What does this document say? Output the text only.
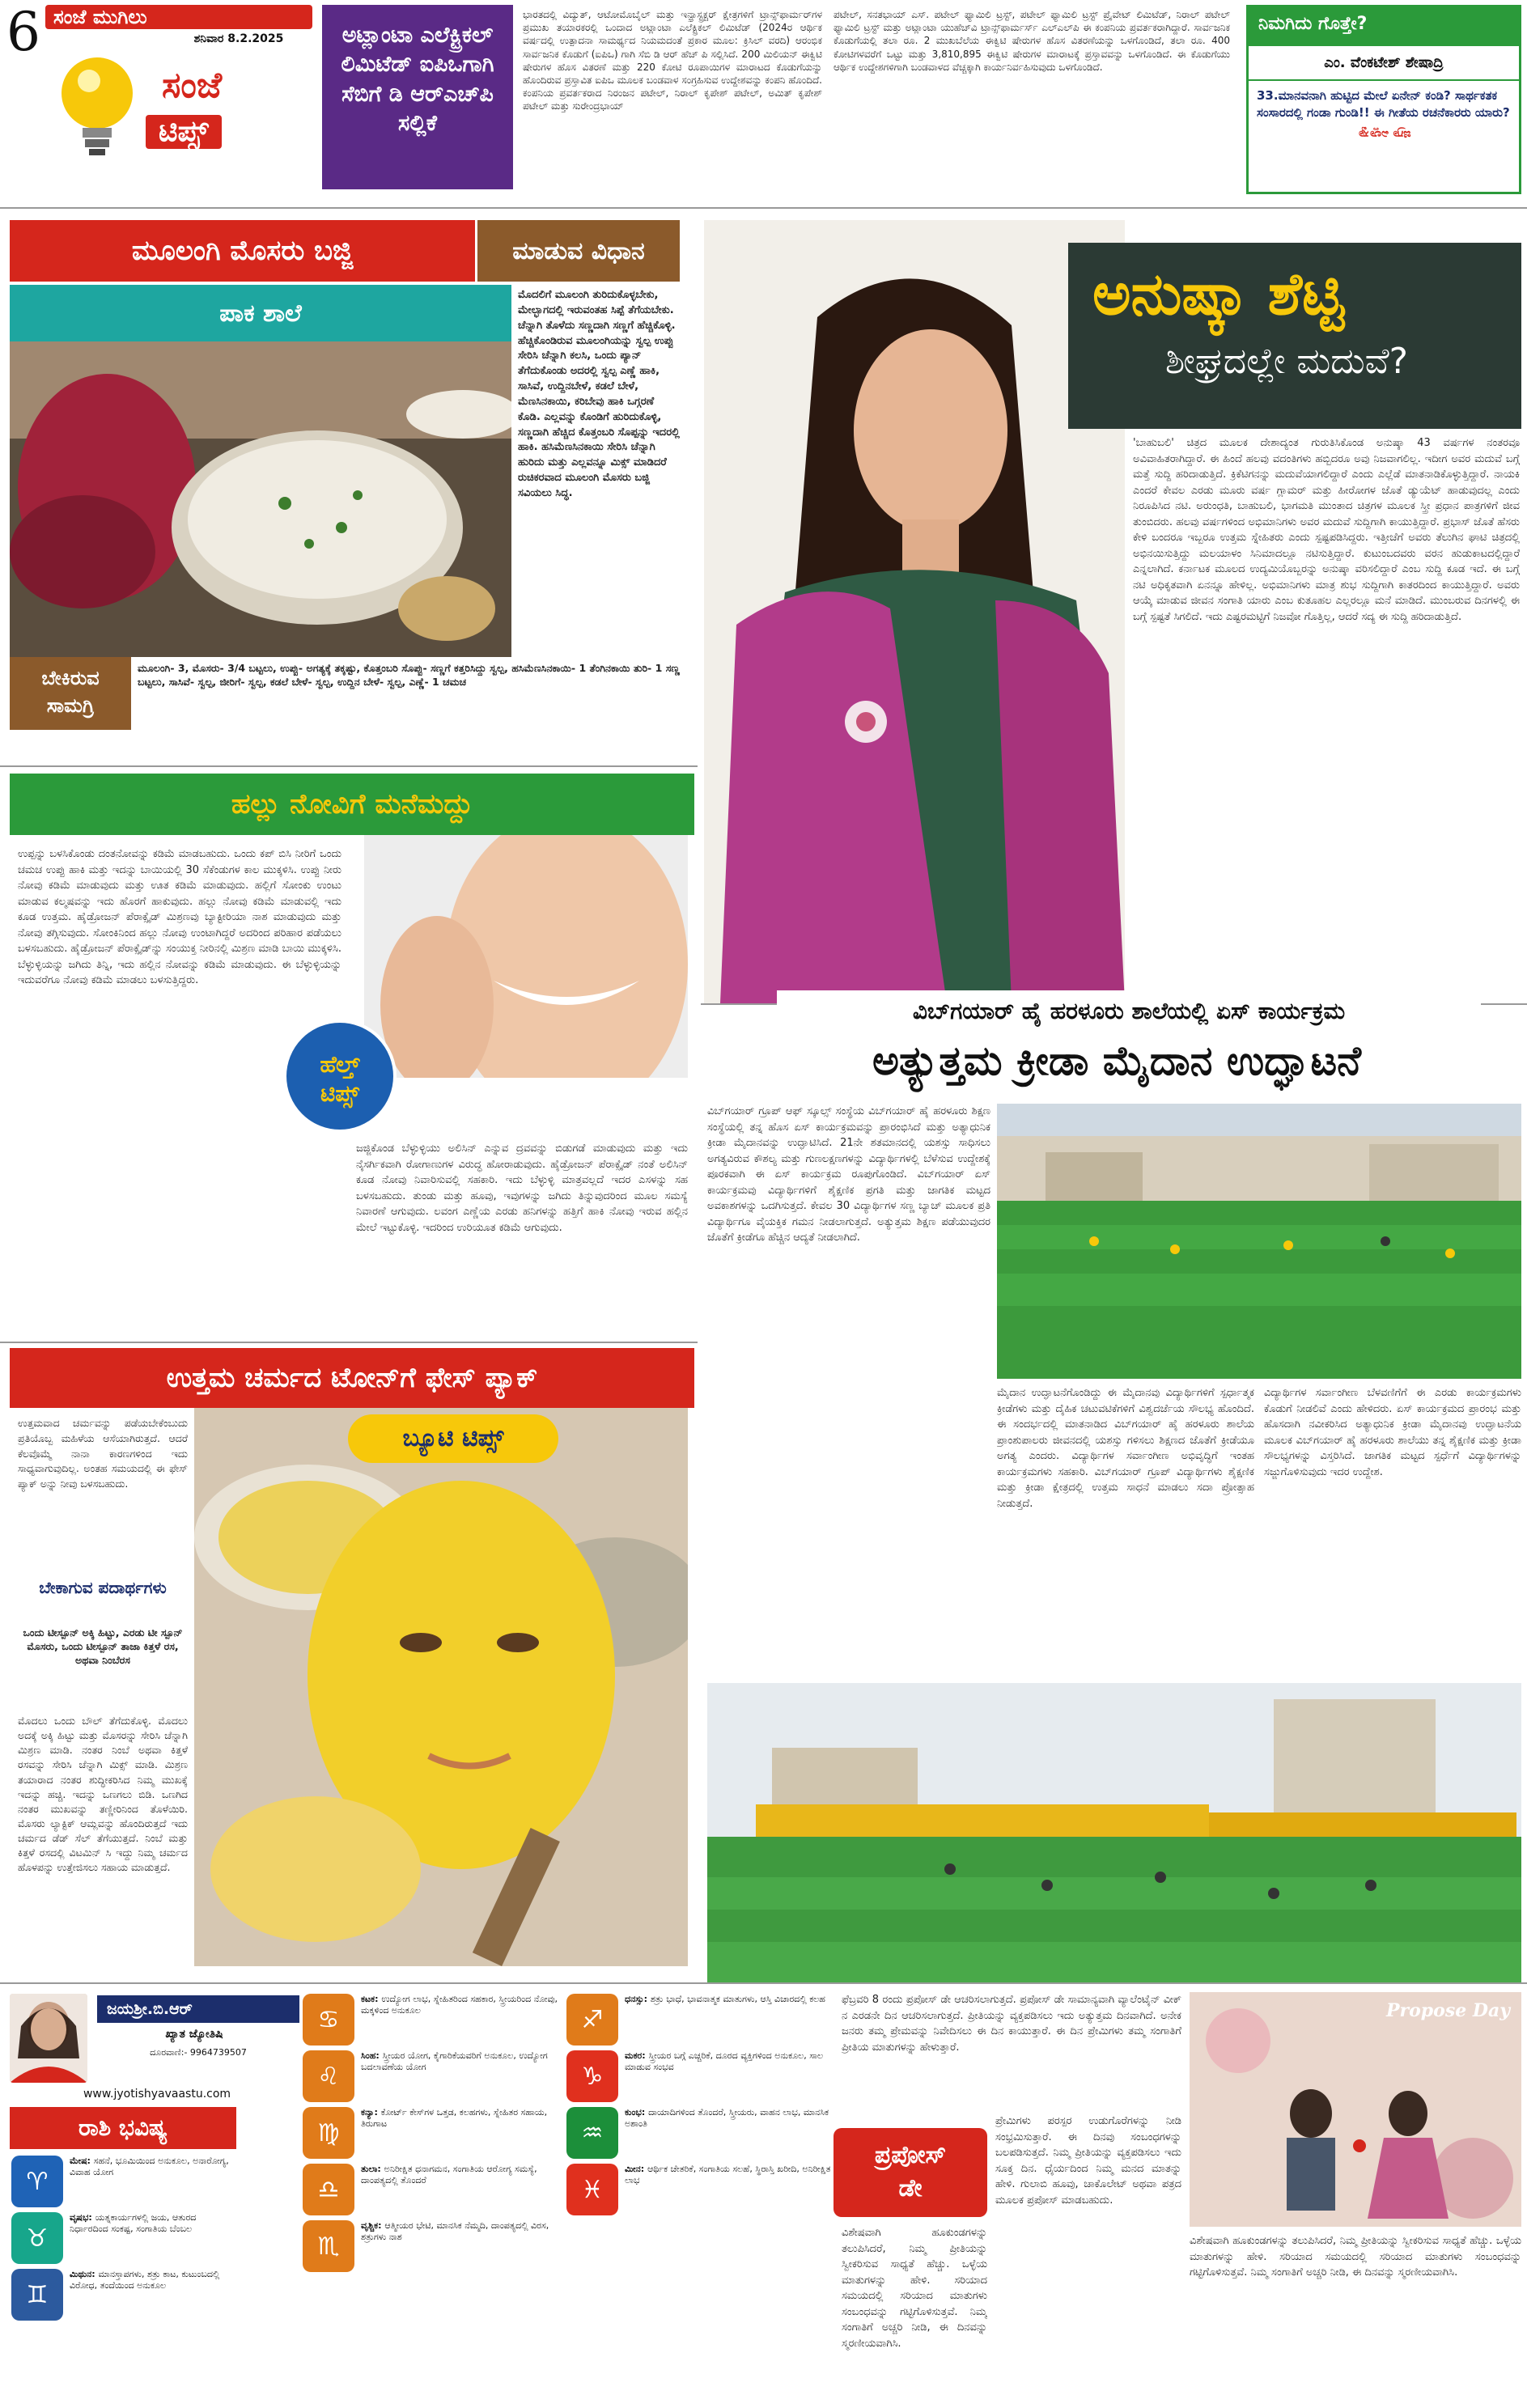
6 ಸಂಜೆ ಮುಗಿಲು
ಶನಿವಾರ 8.2.2025
ಸಂಜೆ
ಟಿಪ್ಸ್
ಅಟ್ಲಾಂಟಾ ಎಲೆಕ್ಟ್ರಿಕಲ್ ಲಿಮಿಟೆಡ್ ಐಪಿಒಗಾಗಿ ಸೆಬಿಗೆ ಡಿ ಆರ್‌ಎಚ್‌ಪಿ ಸಲ್ಲಿಕೆ
ಭಾರತದಲ್ಲಿ ವಿದ್ಯುತ್, ಆಟೋಮೊಬೈಲ್ ಮತ್ತು ಇನ್ಫ್ರಾಸ್ಟ್ರಕ್ಚರ್ ಕ್ಷೇತ್ರಗಳಿಗೆ ಟ್ರಾನ್ಸ್‌ಫಾರ್ಮರ್‌ಗಳ ಪ್ರಮುಖ ತಯಾರಕರಲ್ಲಿ ಒಂದಾದ ಅಟ್ಲಾಂಟಾ ಎಲೆಕ್ಟ್ರಿಕಲ್ ಲಿಮಿಟೆಡ್ (2024ರ ಆರ್ಥಿಕ ವರ್ಷದಲ್ಲಿ ಉತ್ಪಾದನಾ ಸಾಮರ್ಥ್ಯದ ನಿಯಮದಂತೆ ಪ್ರಕಾರ ಮೂಲ: ಕ್ರಿಸಿಲ್ ವರದಿ) ಆರಂಭಿಕ ಸಾರ್ವಜನಿಕ ಕೊಡುಗೆ (ಐಪಿಒ) ಗಾಗಿ ಸೆಬಿ ಡಿ ಆರ್ ಹೆಚ್ ಪಿ ಸಲ್ಲಿಸಿದೆ. 200 ಮಿಲಿಯನ್ ಈಕ್ವಿಟಿ ಷೇರುಗಳ ಹೊಸ ವಿತರಣೆ ಮತ್ತು 220 ಕೋಟಿ ರೂಪಾಯಿಗಳ ಮಾರಾಟದ ಕೊಡುಗೆಯನ್ನು ಹೊಂದಿರುವ ಪ್ರಸ್ತಾವಿತ ಐಪಿಒ ಮೂಲಕ ಬಂಡವಾಳ ಸಂಗ್ರಹಿಸುವ ಉದ್ದೇಶವನ್ನು ಕಂಪನಿ ಹೊಂದಿದೆ. ಕಂಪನಿಯ ಪ್ರವರ್ತಕರಾದ ನಿರಂಜನ ಪಟೇಲ್, ನಿರಾಲ್ ಕೃಪೇಶ್ ಪಟೇಲ್, ಅಮಿತ್ ಕೃಪೇಶ್ ಪಟೇಲ್ ಮತ್ತು ಸುರೇಂದ್ರಭಾಯ್
ಪಟೇಲ್, ಸನತಭಾಯ್ ಎಸ್. ಪಟೇಲ್ ಫ್ಯಾಮಿಲಿ ಟ್ರಸ್ಟ್, ಪಟೇಲ್ ಫ್ಯಾಮಿಲಿ ಟ್ರಸ್ಟ್ ಪ್ರೈವೇಟ್ ಲಿಮಿಟೆಡ್, ನಿರಾಲ್ ಪಟೇಲ್ ಫ್ಯಾಮಿಲಿ ಟ್ರಸ್ಟ್ ಮತ್ತು ಅಟ್ಲಾಂಟಾ ಯುಹೆಚ್‌ವಿ ಟ್ರಾನ್ಸ್‌ಫಾರ್ಮರ್ಸ್ ಎಲ್ಎಲ್‌ಪಿ ಈ ಕಂಪನಿಯ ಪ್ರವರ್ತಕರಾಗಿದ್ದಾರೆ. ಸಾರ್ವಜನಿಕ ಕೊಡುಗೆಯಲ್ಲಿ ತಲಾ ರೂ. 2 ಮುಖಬೆಲೆಯ ಈಕ್ವಿಟಿ ಷೇರುಗಳ ಹೊಸ ವಿತರಣೆಯನ್ನು ಒಳಗೊಂಡಿದೆ, ತಲಾ ರೂ. 400 ಕೋಟಿಗಳವರೆಗೆ ಒಟ್ಟು ಮತ್ತು 3,810,895 ಈಕ್ವಿಟಿ ಷೇರುಗಳ ಮಾರಾಟಕ್ಕೆ ಪ್ರಸ್ತಾವವನ್ನು ಒಳಗೊಂಡಿದೆ. ಈ ಕೊಡುಗೆಯು ಆರ್ಥಿಕ ಉದ್ದೇಶಗಳಿಗಾಗಿ ಬಂಡವಾಳದ ವೆಚ್ಚಕ್ಕಾಗಿ ಕಾರ್ಯನಿರ್ವಹಿಸುವುದು ಒಳಗೊಂಡಿದೆ.
ನಿಮಗಿದು ಗೊತ್ತೇ?
ಎಂ. ವೆಂಕಟೇಶ್ ಶೇಷಾದ್ರಿ
33.ಮಾನವನಾಗಿ ಹುಟ್ಟಿದ ಮೇಲೆ ಏನೇನ್ ಕಂಡಿ? ಸಾರ್ಥಕತಕ ಸಂಸಾರದಲ್ಲಿ ಗಂಡಾ ಗುಂಡಿ!! ಈ ಗೀತೆಯ ರಚನೆಕಾರರು ಯಾರು?
ಜಿಗ್ರಾ ಎಲ್ಲಾಸ್ವಾ
ಮೂಲಂಗಿ ಮೊಸರು ಬಜ್ಜಿ	ಮಾಡುವ ವಿಧಾನ
ಪಾಕ ಶಾಲೆ
ಬೇಕಿರುವ
ಸಾಮಗ್ರಿ
ಮೂಲಂಗಿ- 3, ಮೊಸರು- 3/4 ಬಟ್ಟಲು, ಉಪ್ಪು- ಅಗತ್ಯಕ್ಕೆ ತಕ್ಕಷ್ಟು, ಕೊತ್ತಂಬರಿ ಸೊಪ್ಪು- ಸಣ್ಣಗೆ ಕತ್ತರಿಸಿದ್ದು ಸ್ವಲ್ಪ, ಹಸಿಮೆಣಸಿನಕಾಯಿ- 1 ತೆಂಗಿನಕಾಯಿ ತುರಿ- 1 ಸಣ್ಣ ಬಟ್ಟಲು, ಸಾಸಿವೆ- ಸ್ವಲ್ಪ, ಜೀರಿಗೆ- ಸ್ವಲ್ಪ, ಕಡಲೆ ಬೇಳೆ- ಸ್ವಲ್ಪ, ಉದ್ದಿನ ಬೇಳೆ- ಸ್ವಲ್ಪ, ಎಣ್ಣೆ- 1 ಚಮಚ
ಮೊದಲಿಗೆ ಮೂಲಂಗಿ ತುರಿದುಕೊಳ್ಳಬೇಕು, ಮೇಲ್ಭಾಗದಲ್ಲಿ ಇರುವಂತಹ ಸಿಪ್ಪೆ ತೆಗೆಯಬೇಕು. ಚೆನ್ನಾಗಿ ತೊಳೆದು ಸಣ್ಣದಾಗಿ ಸಣ್ಣಗೆ ಹೆಚ್ಚಿಕೊಳ್ಳಿ. ಹೆಚ್ಚಿಕೊಂಡಿರುವ ಮೂಲಂಗಿಯನ್ನು ಸ್ವಲ್ಪ ಉಪ್ಪು ಸೇರಿಸಿ ಚೆನ್ನಾಗಿ ಕಲಸಿ, ಒಂದು ಪ್ಯಾನ್ ತೆಗೆದುಕೊಂಡು ಅದರಲ್ಲಿ ಸ್ವಲ್ಪ ಎಣ್ಣೆ ಹಾಕಿ, ಸಾಸಿವೆ, ಉದ್ದಿನಬೇಳೆ, ಕಡಲೆ ಬೇಳೆ, ಮೆಣಸಿನಕಾಯಿ, ಕರಿಬೇವು ಹಾಕಿ ಒಗ್ಗರಣೆ ಕೊಡಿ. ಎಲ್ಲವನ್ನು ಕೊಂಡಿಗೆ ಹುರಿದುಕೊಳ್ಳಿ, ಸಣ್ಣದಾಗಿ ಹೆಚ್ಚಿದ ಕೊತ್ತಂಬರಿ ಸೊಪ್ಪನ್ನು ಇದರಲ್ಲಿ ಹಾಕಿ. ಹಸಿಮೆಣಸಿನಕಾಯಿ ಸೇರಿಸಿ ಚೆನ್ನಾಗಿ ಹುರಿದು ಮತ್ತು ಎಲ್ಲವನ್ನೂ ಮಿಕ್ಸ್ ಮಾಡಿದರೆ ರುಚಿಕರವಾದ ಮೂಲಂಗಿ ಮೊಸರು ಬಜ್ಜಿ ಸವಿಯಲು ಸಿದ್ಧ.
ಅನುಷ್ಕಾ ಶೆಟ್ಟಿ
ಶೀಘ್ರದಲ್ಲೇ ಮದುವೆ?
'ಬಾಹುಬಲಿ' ಚಿತ್ರದ ಮೂಲಕ ದೇಶಾದ್ಯಂತ ಗುರುತಿಸಿಕೊಂಡ ಅನುಷ್ಕಾ 43 ವರ್ಷಗಳ ನಂತರವೂ ಅವಿವಾಹಿತರಾಗಿದ್ದಾರೆ. ಈ ಹಿಂದೆ ಹಲವು ವದಂತಿಗಳು ಹಬ್ಬಿದರೂ ಅವು ನಿಜವಾಗಲಿಲ್ಲ. ಇದೀಗ ಅವರ ಮದುವೆ ಬಗ್ಗೆ ಮತ್ತೆ ಸುದ್ದಿ ಹರಿದಾಡುತ್ತಿದೆ. ಕ್ರಿಕೆಟಿಗನನ್ನು ಮದುವೆಯಾಗಲಿದ್ದಾರೆ ಎಂದು ಎಲ್ಲೆಡೆ ಮಾತನಾಡಿಕೊಳ್ಳುತ್ತಿದ್ದಾರೆ. ನಾಯಕಿ ಎಂದರೆ ಕೇವಲ ಎರಡು ಮೂರು ವರ್ಷ ಗ್ಲಾಮರ್ ಮತ್ತು ಹೀರೋಗಳ ಜೊತೆ ಡ್ಯುಯೆಟ್ ಹಾಡುವುದಲ್ಲ ಎಂದು ನಿರೂಪಿಸಿದ ನಟಿ. ಅರುಂಧತಿ, ಬಾಹುಬಲಿ, ಭಾಗಮತಿ ಮುಂತಾದ ಚಿತ್ರಗಳ ಮೂಲಕ ಸ್ತ್ರೀ ಪ್ರಧಾನ ಪಾತ್ರಗಳಿಗೆ ಜೀವ ತುಂಬಿದರು. ಹಲವು ವರ್ಷಗಳಿಂದ ಅಭಿಮಾನಿಗಳು ಅವರ ಮದುವೆ ಸುದ್ದಿಗಾಗಿ ಕಾಯುತ್ತಿದ್ದಾರೆ. ಪ್ರಭಾಸ್ ಜೊತೆ ಹೆಸರು ಕೇಳಿ ಬಂದರೂ ಇಬ್ಬರೂ ಉತ್ತಮ ಸ್ನೇಹಿತರು ಎಂದು ಸ್ಪಷ್ಟಪಡಿಸಿದ್ದರು. ಇತ್ತೀಚೆಗೆ ಅವರು ತೆಲುಗಿನ ಘಾಟಿ ಚಿತ್ರದಲ್ಲಿ ಅಭಿನಯಿಸುತ್ತಿದ್ದು ಮಲಯಾಳಂ ಸಿನಿಮಾದಲ್ಲೂ ನಟಿಸುತ್ತಿದ್ದಾರೆ. ಕುಟುಂಬದವರು ವರನ ಹುಡುಕಾಟದಲ್ಲಿದ್ದಾರೆ ಎನ್ನಲಾಗಿದೆ. ಕರ್ನಾಟಕ ಮೂಲದ ಉದ್ಯಮಿಯೊಬ್ಬರನ್ನು ಅನುಷ್ಕಾ ವರಿಸಲಿದ್ದಾರೆ ಎಂಬ ಸುದ್ದಿ ಕೂಡ ಇದೆ. ಈ ಬಗ್ಗೆ ನಟಿ ಅಧಿಕೃತವಾಗಿ ಏನನ್ನೂ ಹೇಳಿಲ್ಲ. ಅಭಿಮಾನಿಗಳು ಮಾತ್ರ ಶುಭ ಸುದ್ದಿಗಾಗಿ ಕಾತರದಿಂದ ಕಾಯುತ್ತಿದ್ದಾರೆ. ಅವರು ಆಯ್ಕೆ ಮಾಡುವ ಜೀವನ ಸಂಗಾತಿ ಯಾರು ಎಂಬ ಕುತೂಹಲ ಎಲ್ಲರಲ್ಲೂ ಮನೆ ಮಾಡಿದೆ. ಮುಂಬರುವ ದಿನಗಳಲ್ಲಿ ಈ ಬಗ್ಗೆ ಸ್ಪಷ್ಟತೆ ಸಿಗಲಿದೆ. ಇದು ಎಷ್ಟರಮಟ್ಟಿಗೆ ನಿಜವೋ ಗೊತ್ತಿಲ್ಲ, ಆದರೆ ಸದ್ಯ ಈ ಸುದ್ದಿ ಹರಿದಾಡುತ್ತಿದೆ.
ಹಲ್ಲು ನೋವಿಗೆ ಮನೆಮದ್ದು
ಹೆಲ್ತ್
ಟಿಪ್ಸ್
ಉಪ್ಪನ್ನು ಬಳಸಿಕೊಂಡು ದಂತನೋವನ್ನು ಕಡಿಮೆ ಮಾಡಬಹುದು. ಒಂದು ಕಪ್ ಬಿಸಿ ನೀರಿಗೆ ಒಂದು ಚಮಚ ಉಪ್ಪು ಹಾಕಿ ಮತ್ತು ಇದನ್ನು ಬಾಯಿಯಲ್ಲಿ 30 ಸೆಕೆಂಡುಗಳ ಕಾಲ ಮುಕ್ಕಳಿಸಿ. ಉಪ್ಪು ನೀರು ನೋವು ಕಡಿಮೆ ಮಾಡುವುದು ಮತ್ತು ಊತ ಕಡಿಮೆ ಮಾಡುವುದು. ಹಲ್ಲಿಗೆ ಸೋಂಕು ಉಂಟು ಮಾಡುವ ಕಲ್ಮಷವನ್ನು ಇದು ಹೊರಗೆ ಹಾಕುವುದು. ಹಲ್ಲು ನೋವು ಕಡಿಮೆ ಮಾಡುವಲ್ಲಿ ಇದು ಕೂಡ ಉತ್ತಮ. ಹೈಡ್ರೋಜನ್ ಪೆರಾಕ್ಸೈಡ್ ಮಿಶ್ರಣವು ಬ್ಯಾಕ್ಟೀರಿಯಾ ನಾಶ ಮಾಡುವುದು ಮತ್ತು ನೋವು ತಗ್ಗಿಸುವುದು. ಸೋಂಕಿನಿಂದ ಹಲ್ಲು ನೋವು ಉಂಟಾಗಿದ್ದರೆ ಅದರಿಂದ ಪರಿಹಾರ ಪಡೆಯಲು ಬಳಸಬಹುದು. ಹೈಡ್ರೋಜನ್ ಪೆರಾಕ್ಸೈಡ್‌ನ್ನು ಸಂಯುಕ್ತ ನೀರಿನಲ್ಲಿ ಮಿಶ್ರಣ ಮಾಡಿ ಬಾಯಿ ಮುಕ್ಕಳಿಸಿ. ಬೆಳ್ಳುಳ್ಳಿಯನ್ನು ಜಗಿದು ತಿನ್ನಿ, ಇದು ಹಲ್ಲಿನ ನೋವನ್ನು ಕಡಿಮೆ ಮಾಡುವುದು. ಈ ಬೆಳ್ಳುಳ್ಳಿಯನ್ನು ಇದುವರೆಗೂ ನೋವು ಕಡಿಮೆ ಮಾಡಲು ಬಳಸುತ್ತಿದ್ದರು.
ಜಜ್ಜಿಕೊಂಡ ಬೆಳ್ಳುಳ್ಳಿಯು ಅಲಿಸಿನ್ ಎನ್ನುವ ದ್ರವವನ್ನು ಬಿಡುಗಡೆ ಮಾಡುವುದು ಮತ್ತು ಇದು ನೈಸರ್ಗಿಕವಾಗಿ ರೋಗಾಣುಗಳ ವಿರುದ್ಧ ಹೋರಾಡುವುದು. ಹೈಡ್ರೋಜನ್ ಪೆರಾಕ್ಸೈಡ್ ನಂತೆ ಅಲಿಸಿನ್ ಕೂಡ ನೋವು ನಿವಾರಿಸುವಲ್ಲಿ ಸಹಕಾರಿ. ಇದು ಬೆಳ್ಳುಳ್ಳಿ ಮಾತ್ರವಲ್ಲದೆ ಇದರ ಎಸಳನ್ನು ಸಹ ಬಳಸಬಹುದು. ತುಂಡು ಮತ್ತು ಹೂವು, ಇವುಗಳನ್ನು ಜಗಿದು ತಿನ್ನುವುದರಿಂದ ಮೂಲ ಸಮಸ್ಯೆ ನಿವಾರಣೆ ಆಗುವುದು. ಲವಂಗ ಎಣ್ಣೆಯ ಎರಡು ಹನಿಗಳನ್ನು ಹತ್ತಿಗೆ ಹಾಕಿ ನೋವು ಇರುವ ಹಲ್ಲಿನ ಮೇಲೆ ಇಟ್ಟುಕೊಳ್ಳಿ. ಇದರಿಂದ ಉರಿಯೂತ ಕಡಿಮೆ ಆಗುವುದು.
ಉತ್ತಮ ಚರ್ಮದ ಟೋನ್‌ಗೆ ಫೇಸ್ ಪ್ಯಾಕ್
ಬ್ಯೂಟಿ ಟಿಪ್ಸ್
ಉತ್ತಮವಾದ ಚರ್ಮವನ್ನು ಪಡೆಯಬೇಕೆಂಬುದು ಪ್ರತಿಯೊಬ್ಬ ಮಹಿಳೆಯ ಆಸೆಯಾಗಿರುತ್ತದೆ. ಆದರೆ ಕೆಲವೊಮ್ಮೆ ನಾನಾ ಕಾರಣಗಳಿಂದ ಇದು ಸಾಧ್ಯವಾಗುವುದಿಲ್ಲ. ಅಂತಹ ಸಮಯದಲ್ಲಿ ಈ ಫೇಸ್ ಪ್ಯಾಕ್ ಅನ್ನು ನೀವು ಬಳಸಬಹುದು.
ಬೇಕಾಗುವ ಪದಾರ್ಥಗಳು
ಒಂದು ಟೀಸ್ಪೂನ್ ಅಕ್ಕಿ ಹಿಟ್ಟು, ಎರಡು ಟೀ ಸ್ಪೂನ್ ಮೊಸರು, ಒಂದು ಟೀಸ್ಪೂನ್ ತಾಜಾ ಕಿತ್ತಳೆ ರಸ, ಅಥವಾ ನಿಂಬೆರಸ
ಮೊದಲು ಒಂದು ಬೌಲ್ ತೆಗೆದುಕೊಳ್ಳಿ. ಮೊದಲು ಅದಕ್ಕೆ ಅಕ್ಕಿ ಹಿಟ್ಟು ಮತ್ತು ಮೊಸರನ್ನು ಸೇರಿಸಿ ಚೆನ್ನಾಗಿ ಮಿಶ್ರಣ ಮಾಡಿ. ನಂತರ ನಿಂಬೆ ಅಥವಾ ಕಿತ್ತಳೆ ರಸವನ್ನು ಸೇರಿಸಿ ಚೆನ್ನಾಗಿ ಮಿಕ್ಸ್ ಮಾಡಿ. ಮಿಶ್ರಣ ತಯಾರಾದ ನಂತರ ಶುದ್ಧೀಕರಿಸಿದ ನಿಮ್ಮ ಮುಖಕ್ಕೆ ಇದನ್ನು ಹಚ್ಚಿ. ಇದನ್ನು ಒಣಗಲು ಬಿಡಿ. ಒಣಗಿದ ನಂತರ ಮುಖವನ್ನು ತಣ್ಣೀರಿನಿಂದ ತೊಳೆಯಿರಿ. ಮೊಸರು ಲ್ಯಾಕ್ಟಿಕ್ ಆಮ್ಲವನ್ನು ಹೊಂದಿರುತ್ತದೆ ಇದು ಚರ್ಮದ ಡೆಡ್ ಸೆಲ್ ತೆಗೆಯುತ್ತದೆ. ನಿಂಬೆ ಮತ್ತು ಕಿತ್ತಳೆ ರಸದಲ್ಲಿ ವಿಟಮಿನ್ ಸಿ ಇದ್ದು ನಿಮ್ಮ ಚರ್ಮದ ಹೊಳಪನ್ನು ಉತ್ತೇಜಿಸಲು ಸಹಾಯ ಮಾಡುತ್ತದೆ.
ವಿಬ್‌ಗಯಾರ್ ಹೈ ಹರಳೂರು ಶಾಲೆಯಲ್ಲಿ ಏಸ್ ಕಾರ್ಯಕ್ರಮ
ಅತ್ಯುತ್ತಮ ಕ್ರೀಡಾ ಮೈದಾನ ಉದ್ಘಾಟನೆ
ವಿಬ್‌ಗಯಾರ್ ಗ್ರೂಪ್ ಆಫ್ ಸ್ಕೂಲ್ಸ್ ಸಂಸ್ಥೆಯ ವಿಬ್‌ಗಯಾರ್ ಹೈ ಹರಳೂರು ಶಿಕ್ಷಣ ಸಂಸ್ಥೆಯಲ್ಲಿ ತನ್ನ ಹೊಸ ಏಸ್ ಕಾರ್ಯಕ್ರಮವನ್ನು ಪ್ರಾರಂಭಿಸಿದೆ ಮತ್ತು ಅತ್ಯಾಧುನಿಕ ಕ್ರೀಡಾ ಮೈದಾನವನ್ನು ಉದ್ಘಾಟಿಸಿದೆ. 21ನೇ ಶತಮಾನದಲ್ಲಿ ಯಶಸ್ಸು ಸಾಧಿಸಲು ಅಗತ್ಯವಿರುವ ಕೌಶಲ್ಯ ಮತ್ತು ಗುಣಲಕ್ಷಣಗಳನ್ನು ವಿದ್ಯಾರ್ಥಿಗಳಲ್ಲಿ ಬೆಳೆಸುವ ಉದ್ದೇಶಕ್ಕೆ ಪೂರಕವಾಗಿ ಈ ಏಸ್ ಕಾರ್ಯಕ್ರಮ ರೂಪುಗೊಂಡಿದೆ. ವಿಬ್‌ಗಯಾರ್ ಏಸ್ ಕಾರ್ಯಕ್ರಮವು ವಿದ್ಯಾರ್ಥಿಗಳಿಗೆ ಶೈಕ್ಷಣಿಕ ಪ್ರಗತಿ ಮತ್ತು ಜಾಗತಿಕ ಮಟ್ಟದ ಅವಕಾಶಗಳನ್ನು ಒದಗಿಸುತ್ತದೆ. ಕೇವಲ 30 ವಿದ್ಯಾರ್ಥಿಗಳ ಸಣ್ಣ ಬ್ಯಾಚ್ ಮೂಲಕ ಪ್ರತಿ ವಿದ್ಯಾರ್ಥಿಗೂ ವೈಯಕ್ತಿಕ ಗಮನ ನೀಡಲಾಗುತ್ತದೆ. ಅತ್ಯುತ್ತಮ ಶಿಕ್ಷಣ ಪಡೆಯುವುದರ ಜೊತೆಗೆ ಕ್ರೀಡೆಗೂ ಹೆಚ್ಚಿನ ಆದ್ಯತೆ ನೀಡಲಾಗಿದೆ.
ಮೈದಾನ ಉದ್ಘಾಟನೆಗೊಂಡಿದ್ದು ಈ ಮೈದಾನವು ವಿದ್ಯಾರ್ಥಿಗಳಿಗೆ ಸ್ಪರ್ಧಾತ್ಮಕ ಕ್ರೀಡೆಗಳು ಮತ್ತು ದೈಹಿಕ ಚಟುವಟಿಕೆಗಳಿಗೆ ವಿಶ್ವದರ್ಜೆಯ ಸೌಲಭ್ಯ ಹೊಂದಿದೆ. ಈ ಸಂದರ್ಭದಲ್ಲಿ ಮಾತನಾಡಿದ ವಿಬ್‌ಗಯಾರ್ ಹೈ ಹರಳೂರು ಶಾಲೆಯ ಪ್ರಾಂಶುಪಾಲರು ಜೀವನದಲ್ಲಿ ಯಶಸ್ಸು ಗಳಿಸಲು ಶಿಕ್ಷಣದ ಜೊತೆಗೆ ಕ್ರೀಡೆಯೂ ಅಗತ್ಯ ಎಂದರು. ವಿದ್ಯಾರ್ಥಿಗಳ ಸರ್ವಾಂಗೀಣ ಅಭಿವೃದ್ಧಿಗೆ ಇಂತಹ ಕಾರ್ಯಕ್ರಮಗಳು ಸಹಕಾರಿ. ವಿಬ್‌ಗಯಾರ್ ಗ್ರೂಪ್ ವಿದ್ಯಾರ್ಥಿಗಳು ಶೈಕ್ಷಣಿಕ ಮತ್ತು ಕ್ರೀಡಾ ಕ್ಷೇತ್ರದಲ್ಲಿ ಉತ್ತಮ ಸಾಧನೆ ಮಾಡಲು ಸದಾ ಪ್ರೋತ್ಸಾಹ ನೀಡುತ್ತದೆ.
ವಿದ್ಯಾರ್ಥಿಗಳ ಸರ್ವಾಂಗೀಣ ಬೆಳವಣಿಗೆಗೆ ಈ ಎರಡು ಕಾರ್ಯಕ್ರಮಗಳು ಕೊಡುಗೆ ನೀಡಲಿವೆ ಎಂದು ಹೇಳಿದರು. ಏಸ್ ಕಾರ್ಯಕ್ರಮದ ಪ್ರಾರಂಭ ಮತ್ತು ಹೊಸದಾಗಿ ನವೀಕರಿಸಿದ ಅತ್ಯಾಧುನಿಕ ಕ್ರೀಡಾ ಮೈದಾನವು ಉದ್ಘಾಟನೆಯ ಮೂಲಕ ವಿಬ್‌ಗಯಾರ್ ಹೈ ಹರಳೂರು ಶಾಲೆಯು ತನ್ನ ಶೈಕ್ಷಣಿಕ ಮತ್ತು ಕ್ರೀಡಾ ಸೌಲಭ್ಯಗಳನ್ನು ವಿಸ್ತರಿಸಿದೆ. ಜಾಗತಿಕ ಮಟ್ಟದ ಸ್ಪರ್ಧೆಗೆ ವಿದ್ಯಾರ್ಥಿಗಳನ್ನು ಸಜ್ಜುಗೊಳಿಸುವುದು ಇದರ ಉದ್ದೇಶ.
ಜಯಶ್ರೀ.ಬಿ.ಆರ್
ಖ್ಯಾತ ಜ್ಯೋತಿಷಿ
ದೂರವಾಣಿ:- 9964739507
www.jyotishyavaastu.com
ರಾಶಿ ಭವಿಷ್ಯ
♈
ಮೇಷ: ಸಹನೆ, ಭೂಮಿಯಿಂದ ಅನುಕೂಲ, ಅನಾರೋಗ್ಯ, ವಿವಾಹ ಯೋಗ
♉
ವೃಷಭ: ಯತ್ನಕಾರ್ಯಗಳಲ್ಲಿ ಜಯ, ಆತುರದ ನಿರ್ಧಾರದಿಂದ ಸಂಕಷ್ಟ, ಸಂಗಾತಿಯ ಬೆಂಬಲ
♊
ಮಿಥುನ: ಮಾನಸ್ತಾಪಗಳು, ಶತ್ರು ಕಾಟ, ಕುಟುಂಬದಲ್ಲಿ ವಿರೋಧ, ತಂದೆಯಿಂದ ಅನುಕೂಲ
♋
ಕಟಕ: ಉದ್ಯೋಗ ಲಾಭ, ಸ್ನೇಹಿತರಿಂದ ಸಹಕಾರ, ಸ್ತ್ರೀಯರಿಂದ ನೋವು, ಮಕ್ಕಳಿಂದ ಅನುಕೂಲ
♌
ಸಿಂಹ: ಸ್ತ್ರೀಯರ ಯೋಗ, ಕೈಗಾರಿಕೆಯವರಿಗೆ ಅನುಕೂಲ, ಉದ್ಯೋಗ ಬದಲಾವಣೆಯ ಯೋಗ
♍
ಕನ್ಯಾ: ಕೋರ್ಟ್ ಕೇಸ್‌ಗಳ ಒತ್ತಡ, ಕಲಹಗಳು, ಸ್ನೇಹಿತರ ಸಹಾಯ, ತಿರುಗಾಟ
♎
ತುಲಾ: ಅನಿರೀಕ್ಷಿತ ಧನಾಗಮನ, ಸಂಗಾತಿಯ ಆರೋಗ್ಯ ಸಮಸ್ಯೆ, ದಾಂಪತ್ಯದಲ್ಲಿ ತೊಂದರೆ
♏
ವೃಶ್ಚಿಕ: ಆತ್ಮೀಯರ ಭೇಟಿ, ಮಾನಸಿಕ ನೆಮ್ಮದಿ, ದಾಂಪತ್ಯದಲ್ಲಿ ವಿರಸ, ಶತ್ರುಗಳು ನಾಶ
♐
ಧನಸ್ಸು: ಶತ್ರು ಭಾಧೆ, ಭಾವನಾತ್ಮಕ ಮಾತುಗಳು, ಆಸ್ತಿ ವಿಚಾರದಲ್ಲಿ ಕಲಹ
♑
ಮಕರ: ಸ್ತ್ರೀಯರ ಬಗ್ಗೆ ಎಚ್ಚರಿಕೆ, ದೂರದ ವ್ಯಕ್ತಿಗಳಿಂದ ಅನುಕೂಲ, ಸಾಲ ಮಾಡುವ ಸಂಭವ
♒
ಕುಂಭ: ದಾಯಾದಿಗಳಿಂದ ತೊಂದರೆ, ಸ್ತ್ರೀಯರು, ವಾಹನ ಲಾಭ, ಮಾನಸಿಕ ಅಶಾಂತಿ
♓
ಮೀನ: ಆರ್ಥಿಕ ಚೇತರಿಕೆ, ಸಂಗಾತಿಯ ಸಲಹೆ, ಸ್ಥಿರಾಸ್ತಿ ಖರೀದಿ, ಅನಿರೀಕ್ಷಿತ ಲಾಭ
ಫೆಬ್ರವರಿ 8 ರಂದು ಪ್ರಪೋಸ್ ಡೇ ಆಚರಿಸಲಾಗುತ್ತದೆ. ಪ್ರಪೋಸ್ ಡೇ ಸಾಮಾನ್ಯವಾಗಿ ವ್ಯಾಲೆಂಟೈನ್ ವೀಕ್ ನ ಎರಡನೇ ದಿನ ಆಚರಿಸಲಾಗುತ್ತದೆ. ಪ್ರೀತಿಯನ್ನು ವ್ಯಕ್ತಪಡಿಸಲು ಇದು ಅತ್ಯುತ್ತಮ ದಿನವಾಗಿದೆ. ಅನೇಕ ಜನರು ತಮ್ಮ ಪ್ರೇಮವನ್ನು ನಿವೇದಿಸಲು ಈ ದಿನ ಕಾಯುತ್ತಾರೆ. ಈ ದಿನ ಪ್ರೇಮಿಗಳು ತಮ್ಮ ಸಂಗಾತಿಗೆ ಪ್ರೀತಿಯ ಮಾತುಗಳನ್ನು ಹೇಳುತ್ತಾರೆ.
ಪ್ರೇಮಿಗಳು ಪರಸ್ಪರ ಉಡುಗೊರೆಗಳನ್ನು ನೀಡಿ ಸಂಭ್ರಮಿಸುತ್ತಾರೆ. ಈ ದಿನವು ಸಂಬಂಧಗಳನ್ನು ಬಲಪಡಿಸುತ್ತದೆ. ನಿಮ್ಮ ಪ್ರೀತಿಯನ್ನು ವ್ಯಕ್ತಪಡಿಸಲು ಇದು ಸೂಕ್ತ ದಿನ. ಧೈರ್ಯದಿಂದ ನಿಮ್ಮ ಮನದ ಮಾತನ್ನು ಹೇಳಿ. ಗುಲಾಬಿ ಹೂವು, ಚಾಕೊಲೇಟ್ ಅಥವಾ ಪತ್ರದ ಮೂಲಕ ಪ್ರಪೋಸ್ ಮಾಡಬಹುದು.
ಪ್ರಪೋಸ್
ಡೇ
ವಿಶೇಷವಾಗಿ ಹೂಕುಂಡಗಳನ್ನು ತಲುಪಿಸಿದರೆ, ನಿಮ್ಮ ಪ್ರೀತಿಯನ್ನು ಸ್ವೀಕರಿಸುವ ಸಾಧ್ಯತೆ ಹೆಚ್ಚು. ಒಳ್ಳೆಯ ಮಾತುಗಳನ್ನು ಹೇಳಿ. ಸರಿಯಾದ ಸಮಯದಲ್ಲಿ ಸರಿಯಾದ ಮಾತುಗಳು ಸಂಬಂಧವನ್ನು ಗಟ್ಟಿಗೊಳಿಸುತ್ತವೆ. ನಿಮ್ಮ ಸಂಗಾತಿಗೆ ಅಚ್ಚರಿ ನೀಡಿ, ಈ ದಿನವನ್ನು ಸ್ಮರಣೀಯವಾಗಿಸಿ.
Propose Day
ವಿಶೇಷವಾಗಿ ಹೂಕುಂಡಗಳನ್ನು ತಲುಪಿಸಿದರೆ, ನಿಮ್ಮ ಪ್ರೀತಿಯನ್ನು ಸ್ವೀಕರಿಸುವ ಸಾಧ್ಯತೆ ಹೆಚ್ಚು. ಒಳ್ಳೆಯ ಮಾತುಗಳನ್ನು ಹೇಳಿ. ಸರಿಯಾದ ಸಮಯದಲ್ಲಿ ಸರಿಯಾದ ಮಾತುಗಳು ಸಂಬಂಧವನ್ನು ಗಟ್ಟಿಗೊಳಿಸುತ್ತವೆ. ನಿಮ್ಮ ಸಂಗಾತಿಗೆ ಅಚ್ಚರಿ ನೀಡಿ, ಈ ದಿನವನ್ನು ಸ್ಮರಣೀಯವಾಗಿಸಿ.
